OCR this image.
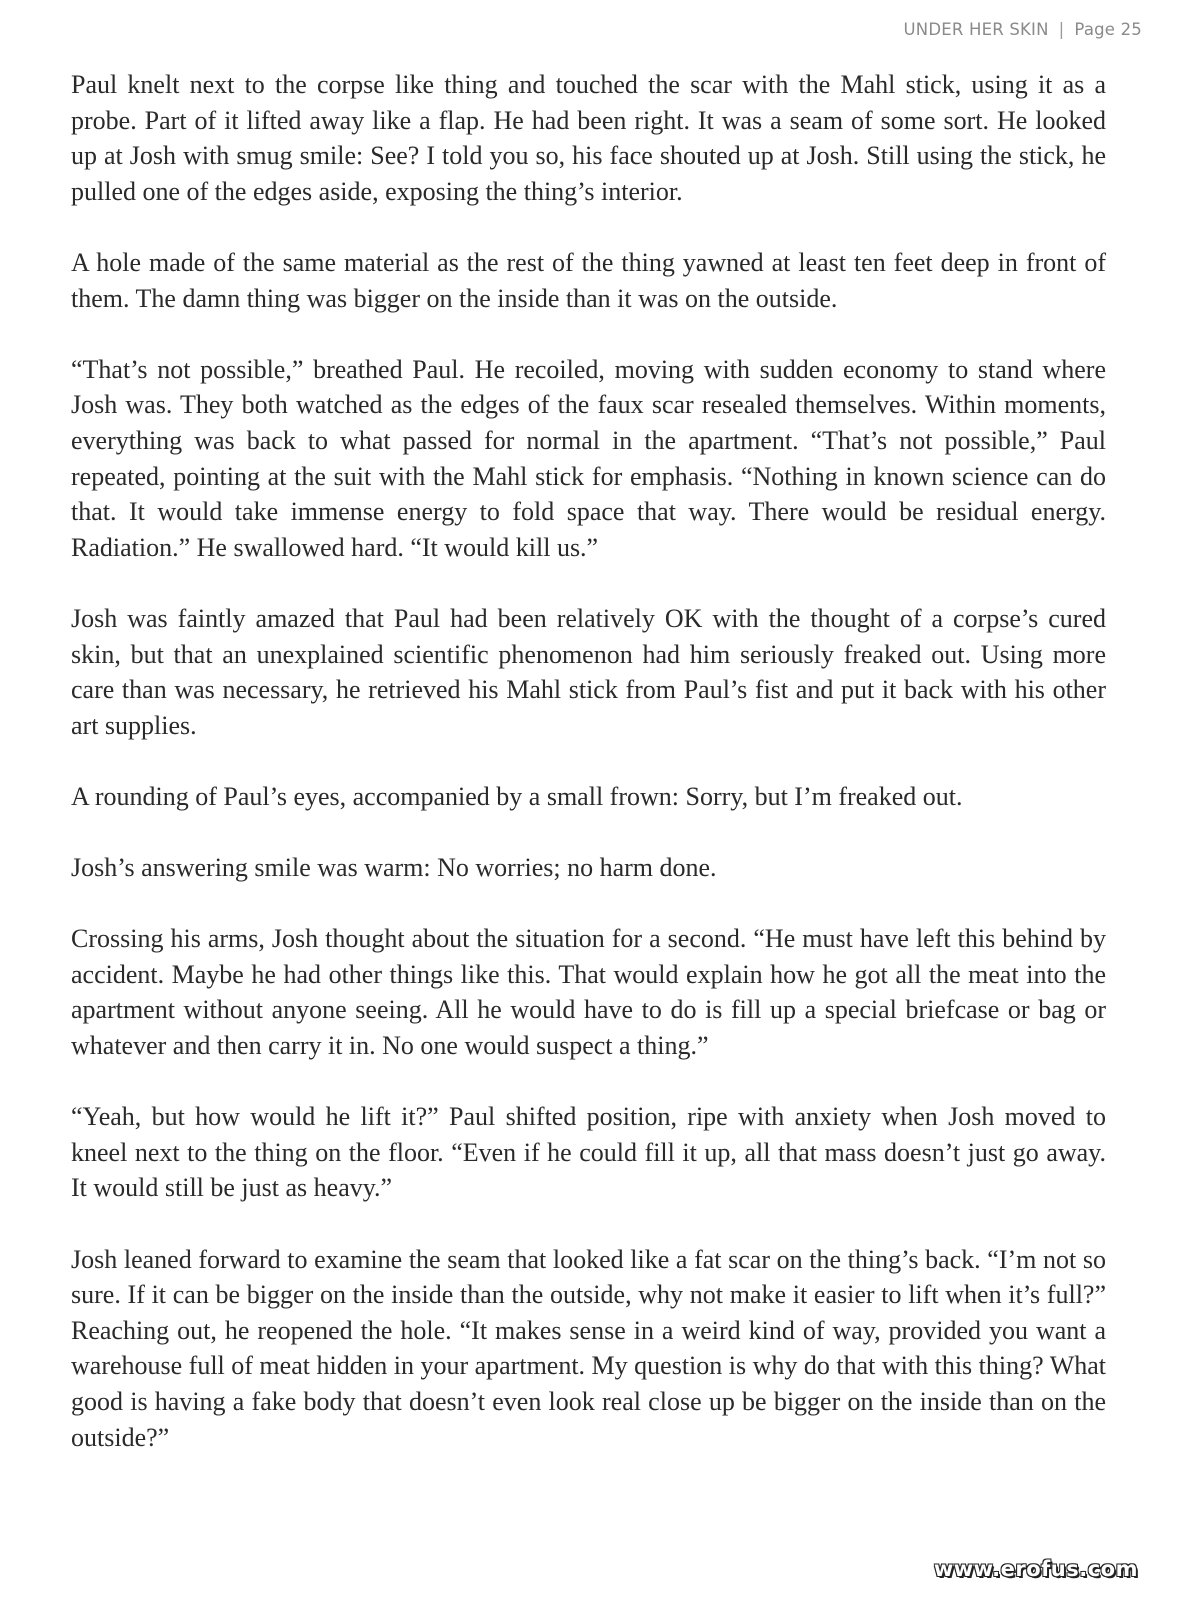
UNDER HER SKIN | Page 25

Paul knelt next to the corpse like thing and touched the scar with the Mahl stick, using it as a probe. Part of it lifted away like a flap. He had been right. It was a seam of some sort. He looked up at Josh with smug smile: See? I told you so, his face shouted up at Josh. Still using the stick, he pulled one of the edges aside, exposing the thing’s interior.

A hole made of the same material as the rest of the thing yawned at least ten feet deep in front of them. The damn thing was bigger on the inside than it was on the outside.

“That’s not possible,” breathed Paul. He recoiled, moving with sudden economy to stand where Josh was. They both watched as the edges of the faux scar resealed themselves. Within moments, everything was back to what passed for normal in the apartment. “That’s not possible,” Paul repeated, pointing at the suit with the Mahl stick for emphasis. “Nothing in known science can do that. It would take immense energy to fold space that way. There would be residual energy. Radiation.” He swallowed hard. “It would kill us.”

Josh was faintly amazed that Paul had been relatively OK with the thought of a corpse’s cured skin, but that an unexplained scientific phenomenon had him seriously freaked out. Using more care than was necessary, he retrieved his Mahl stick from Paul’s fist and put it back with his other art supplies.

A rounding of Paul’s eyes, accompanied by a small frown: Sorry, but I’m freaked out.

Josh’s answering smile was warm: No worries; no harm done.

Crossing his arms, Josh thought about the situation for a second. “He must have left this behind by accident. Maybe he had other things like this. That would explain how he got all the meat into the apartment without anyone seeing. All he would have to do is fill up a special briefcase or bag or whatever and then carry it in. No one would suspect a thing.”

“Yeah, but how would he lift it?” Paul shifted position, ripe with anxiety when Josh moved to kneel next to the thing on the floor. “Even if he could fill it up, all that mass doesn’t just go away. It would still be just as heavy.”

Josh leaned forward to examine the seam that looked like a fat scar on the thing’s back. “I’m not so sure. If it can be bigger on the inside than the outside, why not make it easier to lift when it’s full?” Reaching out, he reopened the hole. “It makes sense in a weird kind of way, provided you want a warehouse full of meat hidden in your apartment. My question is why do that with this thing? What good is having a fake body that doesn’t even look real close up be bigger on the inside than on the outside?”

www.erofus.com
